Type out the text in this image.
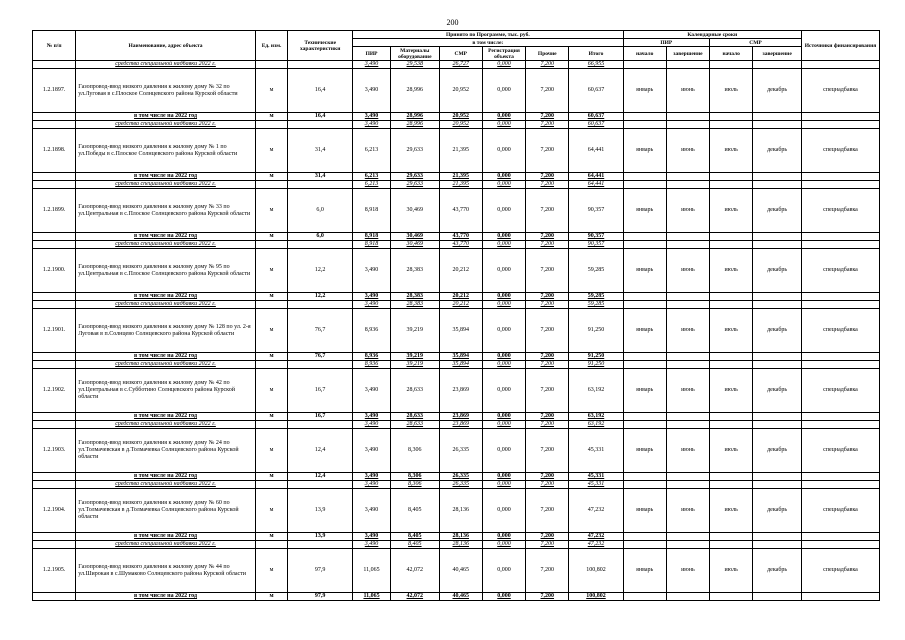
200
№ п/п	Наименование, адрес объекта	Ед. изм.	Технические характеристики	Принято по Программе, тыс. руб.						Календарные сроки				Источники финансирования
				в том числе:						ПИР		СМР		
				ПИР	Материалы оборудование	СМР	Регистрация объекта	Прочие	Итого	начало	завершение	начало	завершение	
	средства специальной надбавки 2022 г.			3,490	29,538	26,727	0,000	7,200	66,955					
1.2.1897.	Газопровод-ввод низкого давления к жилому дому № 32 по ул.Луговая в с.Плоское Солнцевского района Курской области	м	16,4	3,490	28,996	20,952	0,000	7,200	60,637	январь	июнь	июль	декабрь	спецнадбавка
	в том числе на 2022 год	м	16,4	3,490	28,996	20,952	0,000	7,200	60,637					
	средства специальной надбавки 2022 г.			3,490	28,996	20,952	0,000	7,200	60,637					
1.2.1898.	Газопровод-ввод низкого давления к жилому дому № 1 по ул.Победы в с.Плоское Солнцевского района Курской области	м	31,4	6,213	29,633	21,395	0,000	7,200	64,441	январь	июнь	июль	декабрь	спецнадбавка
	в том числе на 2022 год	м	31,4	6,213	29,633	21,395	0,000	7,200	64,441					
	средства специальной надбавки 2022 г.			6,213	29,633	21,395	0,000	7,200	64,441					
1.2.1899.	Газопровод-ввод низкого давления к жилому дому № 33 по ул.Центральная в с.Плоское Солнцевского района Курской области	м	6,0	8,918	30,469	43,770	0,000	7,200	90,357	январь	июнь	июль	декабрь	спецнадбавка
	в том числе на 2022 год	м	6,0	8,918	30,469	43,770	0,000	7,200	90,357					
	средства специальной надбавки 2022 г.			8,918	30,469	43,770	0,000	7,200	90,357					
1.2.1900.	Газопровод-ввод низкого давления к жилому дому № 95 по ул.Центральная в с.Плоское Солнцевского района Курской области	м	12,2	3,490	28,383	20,212	0,000	7,200	59,285	январь	июнь	июль	декабрь	спецнадбавка
	в том числе на 2022 год	м	12,2	3,490	28,383	20,212	0,000	7,200	59,285					
	средства специальной надбавки 2022 г.			3,490	28,383	20,212	0,000	7,200	59,285					
1.2.1901.	Газопровод-ввод низкого давления к жилому дому № 128 по ул. 2-я Луговая в п.Солнцево Солнцевского района Курской области	м	76,7	8,936	39,219	35,894	0,000	7,200	91,250	январь	июнь	июль	декабрь	спецнадбавка
	в том числе на 2022 год	м	76,7	8,936	39,219	35,894	0,000	7,200	91,250					
	средства специальной надбавки 2022 г.			8,936	39,219	35,894	0,000	7,200	91,250					
1.2.1902.	Газопровод-ввод низкого давления к жилому дому № 42 по ул.Центральная в с.Субботино Солнцевского района Курской области	м	16,7	3,490	28,633	23,869	0,000	7,200	63,192	январь	июнь	июль	декабрь	спецнадбавка
	в том числе на 2022 год	м	16,7	3,490	28,633	23,869	0,000	7,200	63,192					
	средства специальной надбавки 2022 г.			3,490	28,633	23,869	0,000	7,200	63,192					
1.2.1903.	Газопровод-ввод низкого давления к жилому дому № 24 по ул.Толмачевская в д.Толмачевка Солнцевского района Курской области	м	12,4	3,490	8,306	26,335	0,000	7,200	45,331	январь	июнь	июль	декабрь	спецнадбавка
	в том числе на 2022 год	м	12,4	3,490	8,306	26,335	0,000	7,200	45,331					
	средства специальной надбавки 2022 г.			3,490	8,306	26,335	0,000	7,200	45,331					
1.2.1904.	Газопровод-ввод низкого давления к жилому дому № 60 по ул.Толмачевская в д.Толмачевка Солнцевского района Курской области	м	13,9	3,490	8,405	28,136	0,000	7,200	47,232	январь	июнь	июль	декабрь	спецнадбавка
	в том числе на 2022 год	м	13,9	3,490	8,405	28,136	0,000	7,200	47,232					
	средства специальной надбавки 2022 г.			3,490	8,405	28,136	0,000	7,200	47,232					
1.2.1905.	Газопровод-ввод низкого давления к жилому дому № 44 по ул.Широкая в с.Шумаково Солнцевского района Курской области	м	97,9	11,065	42,072	40,465	0,000	7,200	100,802	январь	июнь	июль	декабрь	спецнадбавка
	в том числе на 2022 год	м	97,9	11,065	42,072	40,465	0,000	7,200	100,802					
